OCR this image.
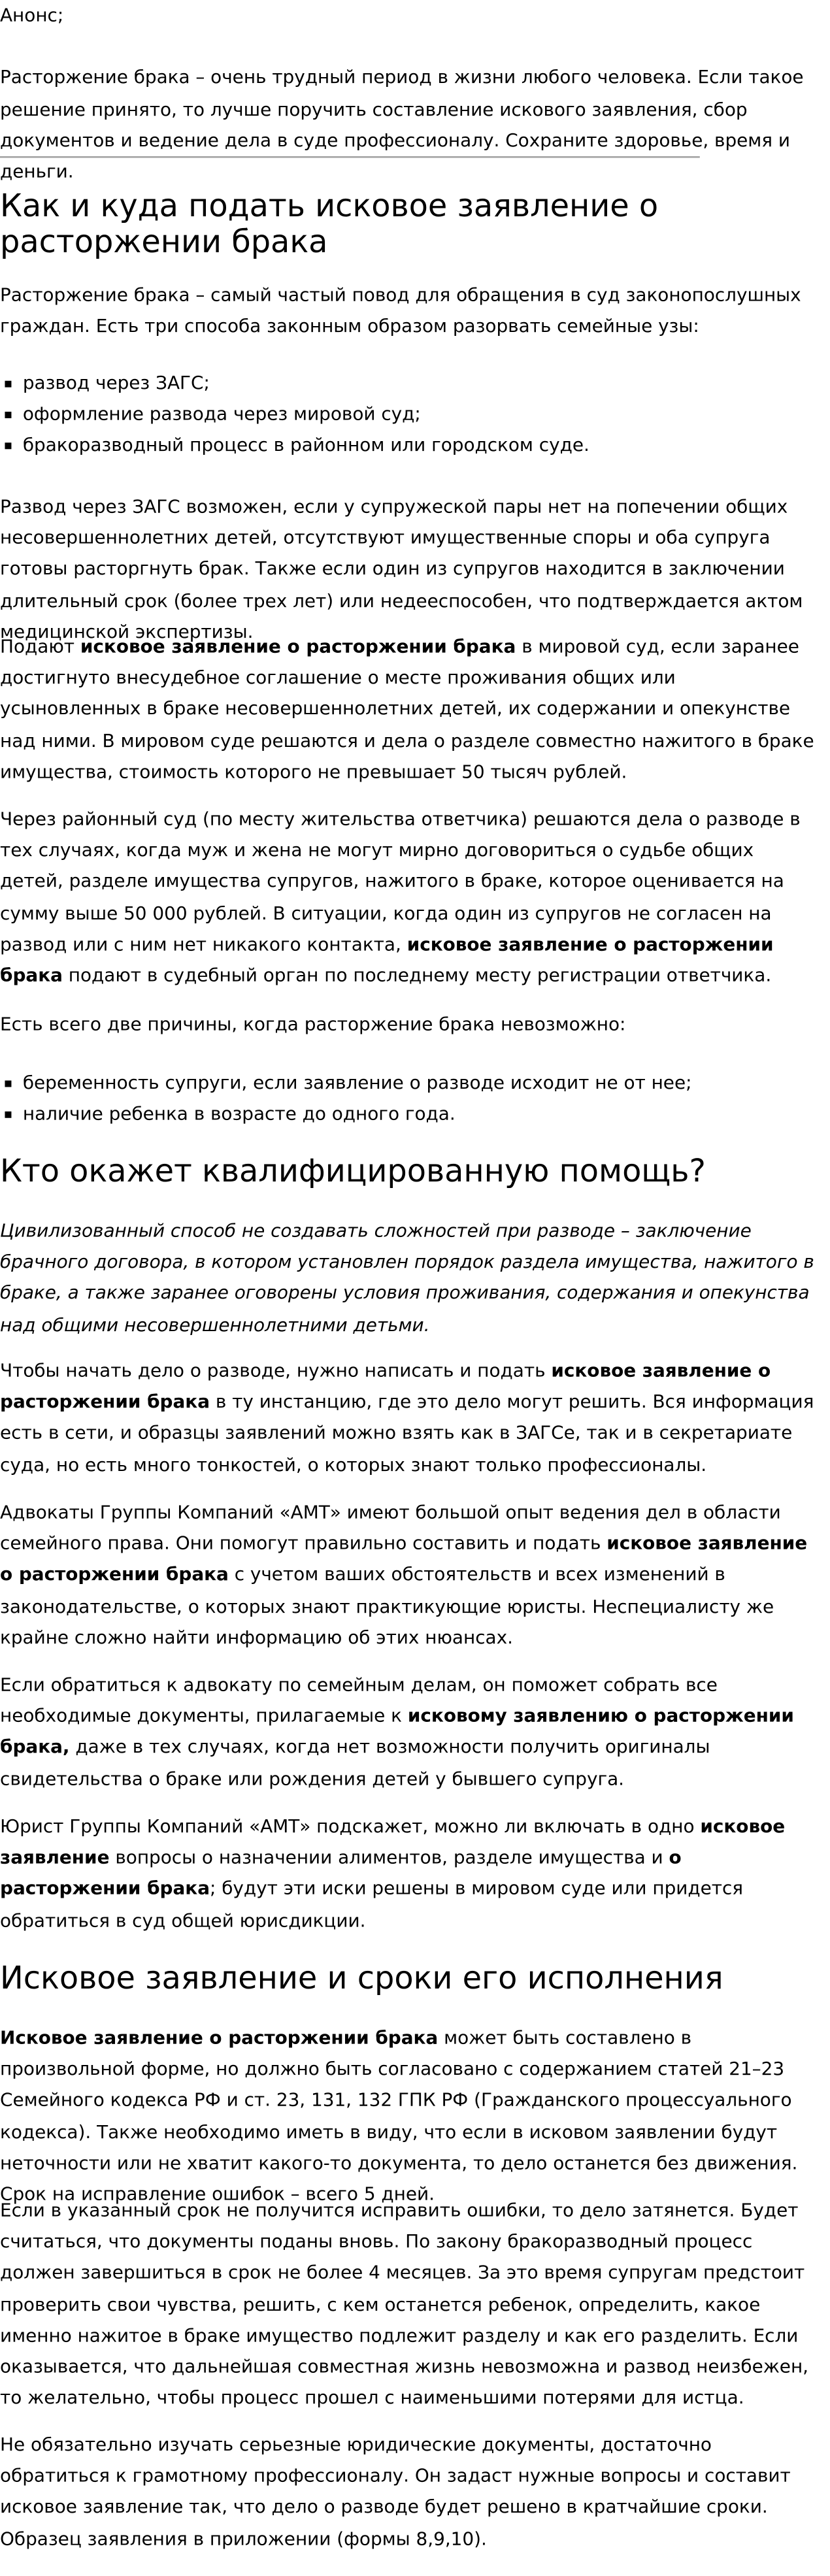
Анонс;

Расторжение брака – очень трудный период в жизни любого человека. Если такое решение принято, то лучше поручить составление искового заявления, сбор документов и ведение дела в суде профессионалу. Сохраните здоровье, время и деньги.

Как и куда подать исковое заявление о расторжении брака

Расторжение брака – самый частый повод для обращения в суд законопослушных граждан. Есть три способа законным образом разорвать семейные узы:

развод через ЗАГС;
оформление развода через мировой суд;
бракоразводный процесс в районном или городском суде.

Развод через ЗАГС возможен, если у супружеской пары нет на попечении общих несовершеннолетних детей, отсутствуют имущественные споры и оба супруга готовы расторгнуть брак. Также если один из супругов находится в заключении длительный срок (более трех лет) или недееспособен, что подтверждается актом медицинской экспертизы.

Подают исковое заявление о расторжении брака в мировой суд, если заранее достигнуто внесудебное соглашение о месте проживания общих или усыновленных в браке несовершеннолетних детей, их содержании и опекунстве над ними. В мировом суде решаются и дела о разделе совместно нажитого в браке имущества, стоимость которого не превышает 50 тысяч рублей.

Через районный суд (по месту жительства ответчика) решаются дела о разводе в тех случаях, когда муж и жена не могут мирно договориться о судьбе общих детей, разделе имущества супругов, нажитого в браке, которое оценивается на сумму выше 50 000 рублей. В ситуации, когда один из супругов не согласен на развод или с ним нет никакого контакта, исковое заявление о расторжении брака подают в судебный орган по последнему месту регистрации ответчика.

Есть всего две причины, когда расторжение брака невозможно:

беременность супруги, если заявление о разводе исходит не от нее;
наличие ребенка в возрасте до одного года.
Кто окажет квалифицированную помощь?

Цивилизованный способ не создавать сложностей при разводе – заключение брачного договора, в котором установлен порядок раздела имущества, нажитого в браке, а также заранее оговорены условия проживания, содержания и опекунства над общими несовершеннолетними детьми.

Чтобы начать дело о разводе, нужно написать и подать исковое заявление о расторжении брака в ту инстанцию, где это дело могут решить. Вся информация есть в сети, и образцы заявлений можно взять как в ЗАГСе, так и в секретариате суда, но есть много тонкостей, о которых знают только профессионалы.

Адвокаты Группы Компаний «АМТ» имеют большой опыт ведения дел в области семейного права. Они помогут правильно составить и подать исковое заявление о расторжении брака с учетом ваших обстоятельств и всех изменений в законодательстве, о которых знают практикующие юристы. Неспециалисту же крайне сложно найти информацию об этих нюансах.

Если обратиться к адвокату по семейным делам, он поможет собрать все необходимые документы, прилагаемые к исковому заявлению о расторжении брака, даже в тех случаях, когда нет возможности получить оригиналы свидетельства о браке или рождения детей у бывшего супруга.

Юрист Группы Компаний «АМТ» подскажет, можно ли включать в одно исковое заявление вопросы о назначении алиментов, разделе имущества и о расторжении брака; будут эти иски решены в мировом суде или придется обратиться в суд общей юрисдикции.

Исковое заявление и сроки его исполнения

Исковое заявление о расторжении брака может быть составлено в произвольной форме, но должно быть согласовано с содержанием статей 21–23 Семейного кодекса РФ и ст. 23, 131, 132 ГПК РФ (Гражданского процессуального кодекса). Также необходимо иметь в виду, что если в исковом заявлении будут неточности или не хватит какого-то документа, то дело останется без движения. Срок на исправление ошибок – всего 5 дней.

Если в указанный срок не получится исправить ошибки, то дело затянется. Будет считаться, что документы поданы вновь. По закону бракоразводный процесс должен завершиться в срок не более 4 месяцев. За это время супругам предстоит проверить свои чувства, решить, с кем останется ребенок, определить, какое именно нажитое в браке имущество подлежит разделу и как его разделить. Если оказывается, что дальнейшая совместная жизнь невозможна и развод неизбежен, то желательно, чтобы процесс прошел с наименьшими потерями для истца.

Не обязательно изучать серьезные юридические документы, достаточно обратиться к грамотному профессионалу. Он задаст нужные вопросы и составит исковое заявление так, что дело о разводе будет решено в кратчайшие сроки. Образец заявления в приложении (формы 8,9,10).
